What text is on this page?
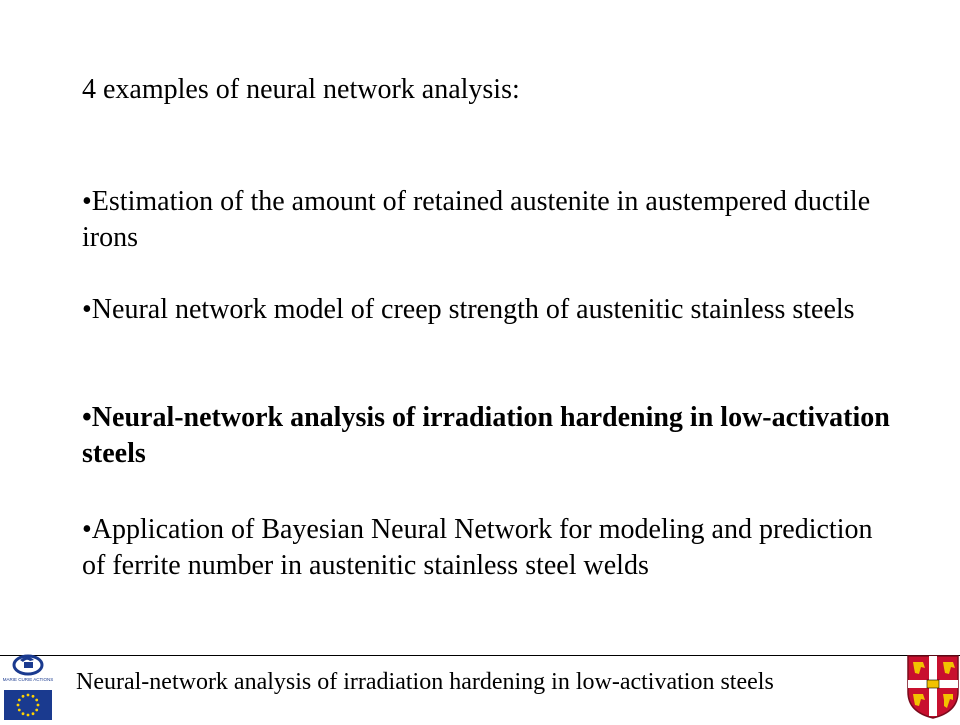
4 examples of neural network analysis:
•Estimation of the amount of retained austenite in austempered ductile irons
•Neural network model of creep strength of austenitic stainless steels
•Neural-network analysis of irradiation hardening in low-activation steels
•Application of Bayesian Neural Network for modeling and prediction of ferrite number in austenitic stainless steel welds
MARIE CURIE ACTIONS Neural-network analysis of irradiation hardening in low-activation steels
